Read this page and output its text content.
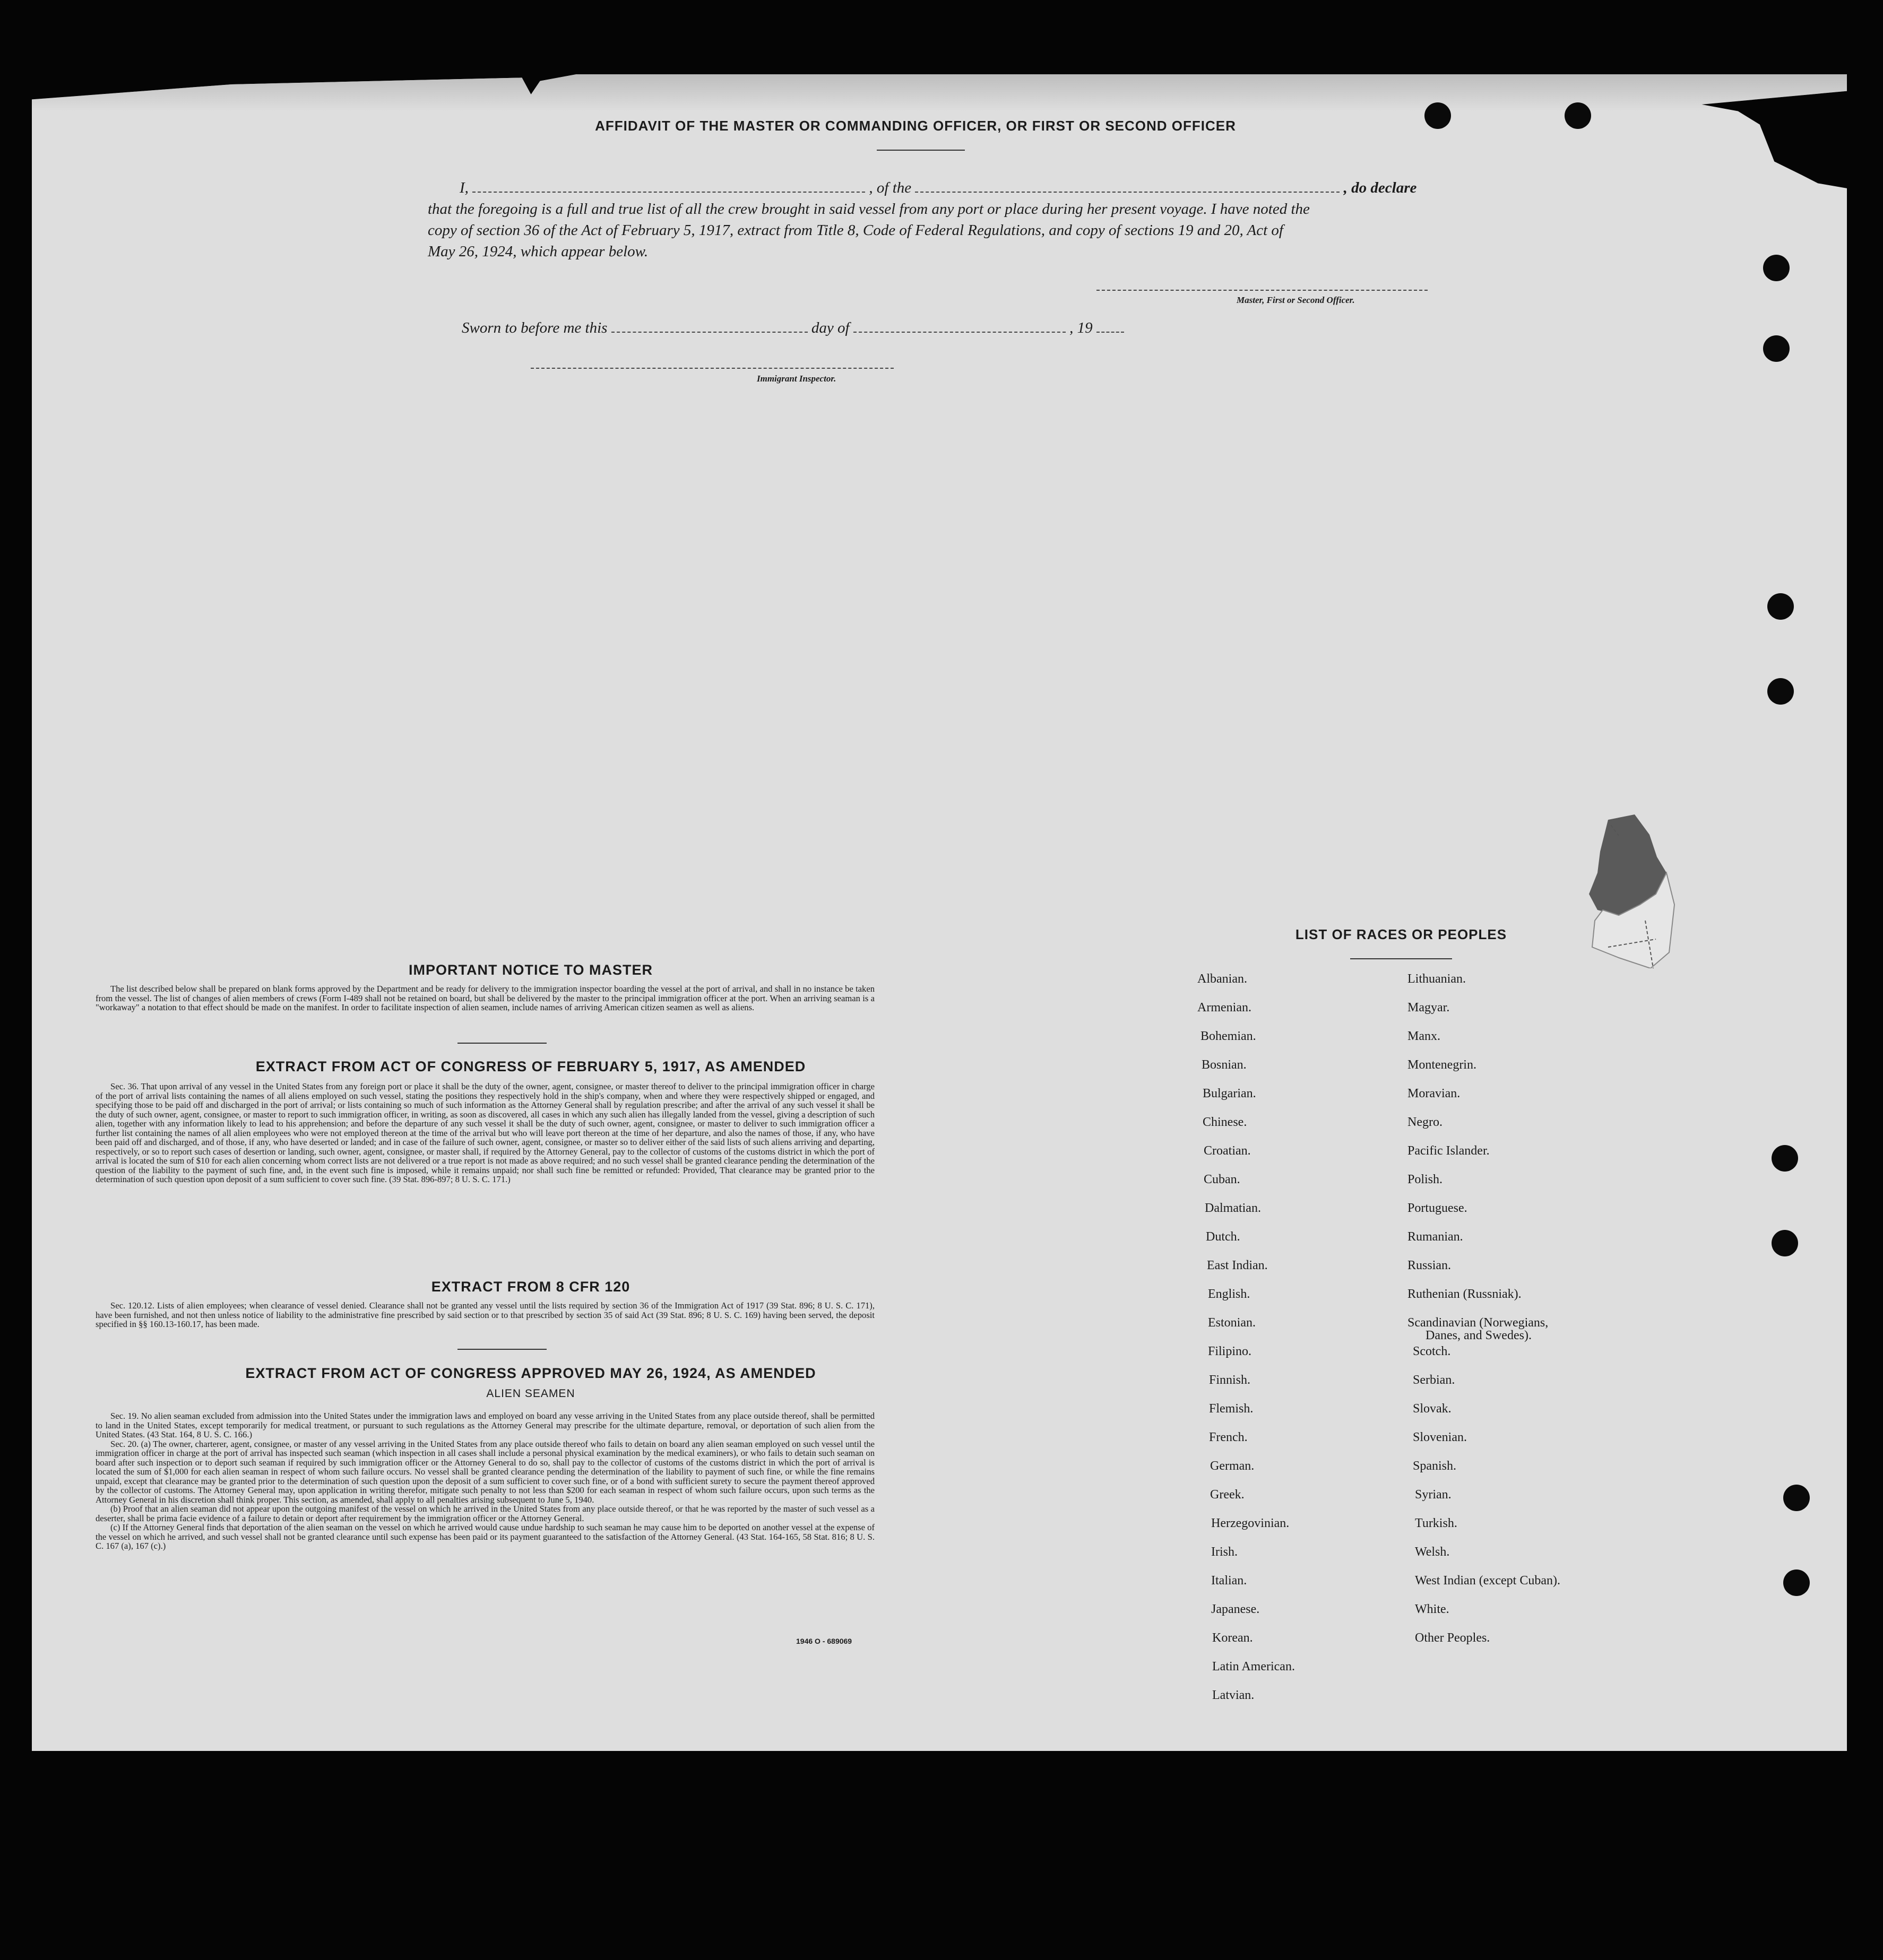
AFFIDAVIT OF THE MASTER OR COMMANDING OFFICER, OR FIRST OR SECOND OFFICER
I,	, of the	, do declare
that the foregoing is a full and true list of all the crew brought in said vessel from any port or place during her present voyage. I have noted the
copy of section 36 of the Act of February 5, 1917, extract from Title 8, Code of Federal Regulations, and copy of sections 19 and 20, Act of
May 26, 1924, which appear below.
Master, First or Second Officer.
Sworn to before me this	day of	, 19
Immigrant Inspector.
IMPORTANT NOTICE TO MASTER

The list described below shall be prepared on blank forms approved by the Department and be ready for delivery to the immigration inspector boarding the vessel at the port of arrival, and shall in no instance be taken from the vessel. The list of changes of alien members of crews (Form I-489 shall not be retained on board, but shall be delivered by the master to the principal immigration officer at the port. When an arriving seaman is a "workaway" a notation to that effect should be made on the manifest. In order to facilitate inspection of alien seamen, include names of arriving American citizen seamen as well as aliens.

EXTRACT FROM ACT OF CONGRESS OF FEBRUARY 5, 1917, AS AMENDED

Sec. 36. That upon arrival of any vessel in the United States from any foreign port or place it shall be the duty of the owner, agent, consignee, or master thereof to deliver to the principal immigration officer in charge of the port of arrival lists containing the names of all aliens employed on such vessel, stating the positions they respectively hold in the ship's company, when and where they were respectively shipped or engaged, and specifying those to be paid off and discharged in the port of arrival; or lists containing so much of such information as the Attorney General shall by regulation prescribe; and after the arrival of any such vessel it shall be the duty of such owner, agent, consignee, or master to report to such immigration officer, in writing, as soon as discovered, all cases in which any such alien has illegally landed from the vessel, giving a description of such alien, together with any information likely to lead to his apprehension; and before the departure of any such vessel it shall be the duty of such owner, agent, consignee, or master to deliver to such immigration officer a further list containing the names of all alien employees who were not employed thereon at the time of the arrival but who will leave port thereon at the time of her departure, and also the names of those, if any, who have been paid off and discharged, and of those, if any, who have deserted or landed; and in case of the failure of such owner, agent, consignee, or master so to deliver either of the said lists of such aliens arriving and departing, respectively, or so to report such cases of desertion or landing, such owner, agent, consignee, or master shall, if required by the Attorney General, pay to the collector of customs of the customs district in which the port of arrival is located the sum of $10 for each alien concerning whom correct lists are not delivered or a true report is not made as above required; and no such vessel shall be granted clearance pending the determination of the question of the liability to the payment of such fine, and, in the event such fine is imposed, while it remains unpaid; nor shall such fine be remitted or refunded: Provided, That clearance may be granted prior to the determination of such question upon deposit of a sum sufficient to cover such fine. (39 Stat. 896-897; 8 U. S. C. 171.)

EXTRACT FROM 8 CFR 120

Sec. 120.12. Lists of alien employees; when clearance of vessel denied. Clearance shall not be granted any vessel until the lists required by section 36 of the Immigration Act of 1917 (39 Stat. 896; 8 U. S. C. 171), have been furnished, and not then unless notice of liability to the administrative fine prescribed by said section or to that prescribed by section 35 of said Act (39 Stat. 896; 8 U. S. C. 169) having been served, the deposit specified in §§ 160.13-160.17, has been made.

EXTRACT FROM ACT OF CONGRESS APPROVED MAY 26, 1924, AS AMENDED
ALIEN SEAMEN

Sec. 19. No alien seaman excluded from admission into the United States under the immigration laws and employed on board any vesse arriving in the United States from any place outside thereof, shall be permitted to land in the United States, except temporarily for medical treatment, or pursuant to such regulations as the Attorney General may prescribe for the ultimate departure, removal, or deportation of such alien from the United States. (43 Stat. 164, 8 U. S. C. 166.)

Sec. 20. (a) The owner, charterer, agent, consignee, or master of any vessel arriving in the United States from any place outside thereof who fails to detain on board any alien seaman employed on such vessel until the immigration officer in charge at the port of arrival has inspected such seaman (which inspection in all cases shall include a personal physical examination by the medical examiners), or who fails to detain such seaman on board after such inspection or to deport such seaman if required by such immigration officer or the Attorney General to do so, shall pay to the collector of customs of the customs district in which the port of arrival is located the sum of $1,000 for each alien seaman in respect of whom such failure occurs. No vessel shall be granted clearance pending the determination of the liability to payment of such fine, or while the fine remains unpaid, except that clearance may be granted prior to the determination of such question upon the deposit of a sum sufficient to cover such fine, or of a bond with sufficient surety to secure the payment thereof approved by the collector of customs. The Attorney General may, upon application in writing therefor, mitigate such penalty to not less than $200 for each seaman in respect of whom such failure occurs, upon such terms as the Attorney General in his discretion shall think proper. This section, as amended, shall apply to all penalties arising subsequent to June 5, 1940.

(b) Proof that an alien seaman did not appear upon the outgoing manifest of the vessel on which he arrived in the United States from any place outside thereof, or that he was reported by the master of such vessel as a deserter, shall be prima facie evidence of a failure to detain or deport after requirement by the immigration officer or the Attorney General.

(c) If the Attorney General finds that deportation of the alien seaman on the vessel on which he arrived would cause undue hardship to such seaman he may cause him to be deported on another vessel at the expense of the vessel on which he arrived, and such vessel shall not be granted clearance until such expense has been paid or its payment guaranteed to the satisfaction of the Attorney General. (43 Stat. 164-165, 58 Stat. 816; 8 U. S. C. 167 (a), 167 (c).)

1946 O - 689069
LIST OF RACES OR PEOPLES
Albanian.
Armenian.
Bohemian.
Bosnian.
Bulgarian.
Chinese.
Croatian.
Cuban.
Dalmatian.
Dutch.
East Indian.
English.
Estonian.
Filipino.
Finnish.
Flemish.
French.
German.
Greek.
Herzegovinian.
Irish.
Italian.
Japanese.
Korean.
Latin American.
Latvian.
Lithuanian.
Magyar.
Manx.
Montenegrin.
Moravian.
Negro.
Pacific Islander.
Polish.
Portuguese.
Rumanian.
Russian.
Ruthenian (Russniak).
Scandinavian (Norwegians,
Danes, and Swedes).
Scotch.
Serbian.
Slovak.
Slovenian.
Spanish.
Syrian.
Turkish.
Welsh.
West Indian (except Cuban).
White.
Other Peoples.
